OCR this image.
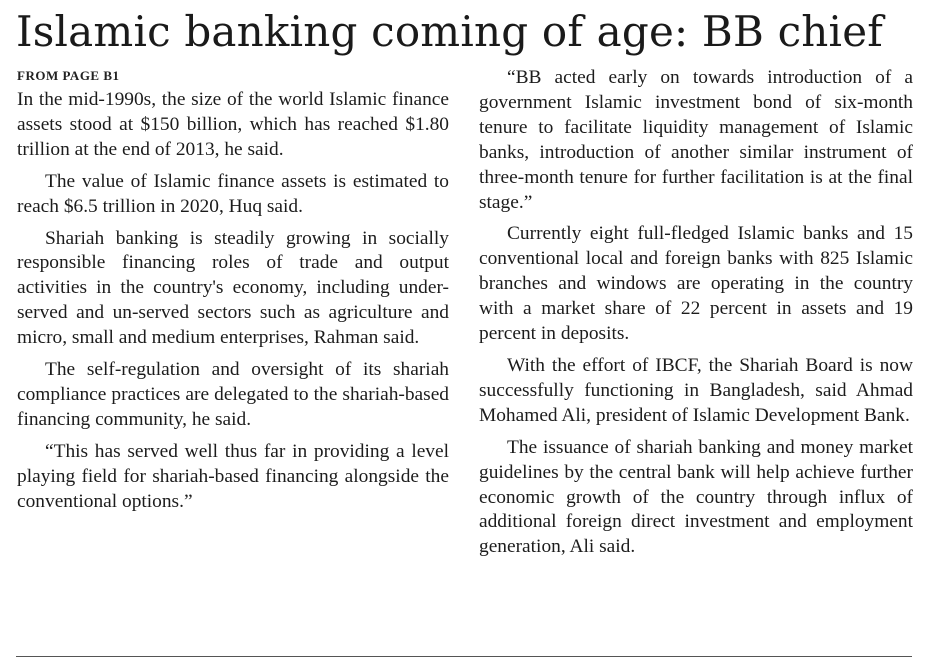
Islamic banking coming of age: BB chief
FROM PAGE B1

In the mid-1990s, the size of the world Islamic finance assets stood at $150 billion, which has reached $1.80 trillion at the end of 2013, he said.

The value of Islamic finance assets is estimated to reach $6.5 trillion in 2020, Huq said.

Shariah banking is steadily growing in socially responsible financing roles of trade and output activities in the country's economy, including under-served and un-served sectors such as agriculture and micro, small and medium enterprises, Rahman said.

The self-regulation and oversight of its shariah compliance practices are delegated to the shariah-based financing community, he said.

“This has served well thus far in providing a level playing field for shariah-based financing alongside the conventional options.”

“BB acted early on towards introduction of a government Islamic investment bond of six-month tenure to facilitate liquidity management of Islamic banks, introduction of another similar instrument of three-month tenure for further facilitation is at the final stage.”

Currently eight full-fledged Islamic banks and 15 conventional local and foreign banks with 825 Islamic branches and windows are operating in the country with a market share of 22 percent in assets and 19 percent in deposits.

With the effort of IBCF, the Shariah Board is now successfully functioning in Bangladesh, said Ahmad Mohamed Ali, president of Islamic Development Bank.

The issuance of shariah banking and money market guidelines by the central bank will help achieve further economic growth of the country through influx of additional foreign direct investment and employment generation, Ali said.
